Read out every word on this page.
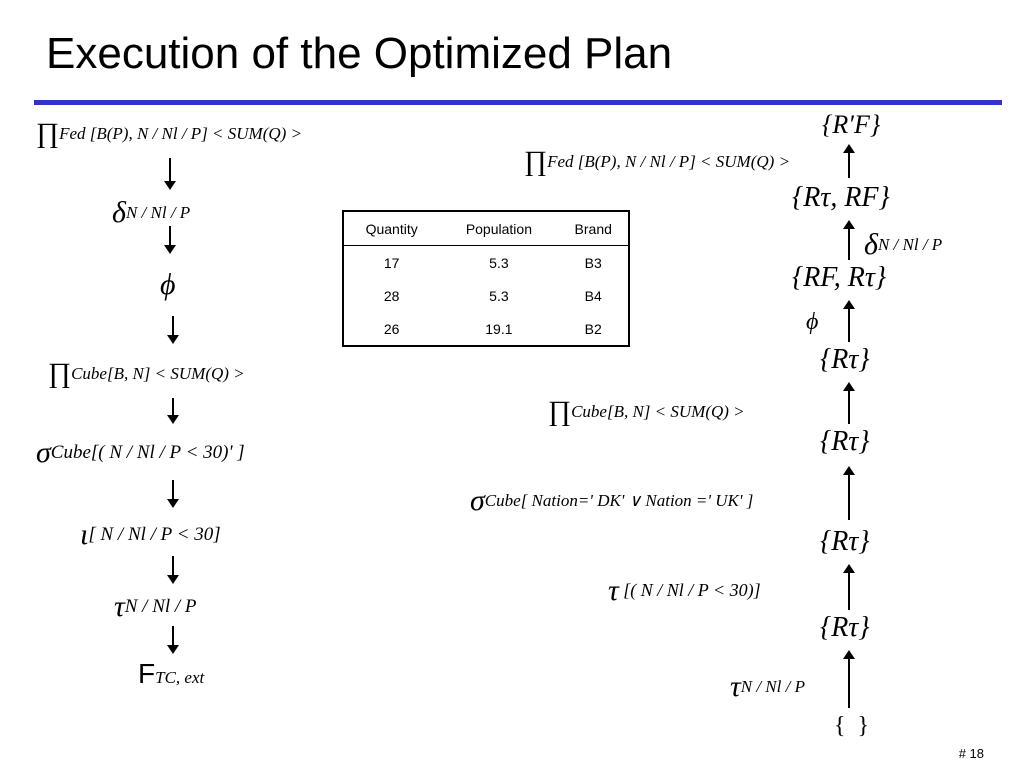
Execution of the Optimized Plan
∏Fed [B(P), N / Nl / P] < SUM(Q) >
δN / Nl / P
ϕ
∏Cube[B, N] < SUM(Q) >
σCube[( N / Nl / P < 30)' ]
ι[ N / Nl / P < 30]
τN / Nl / P
FTC, ext
Quantity	Population	Brand
17	5.3	B3
28	5.3	B4
26	19.1	B2
{R′F}
∏Fed [B(P), N / Nl / P] < SUM(Q) >
{Rτ, RF}
δN / Nl / P
{RF, Rτ}
ϕ
{Rτ}
∏Cube[B, N] < SUM(Q) >
{Rτ}
σCube[ Nation=' DK' ∨ Nation =' UK' ]
{Rτ}
τ [( N / Nl / P < 30)]
{Rτ}
τN / Nl / P
{  }
# 18
